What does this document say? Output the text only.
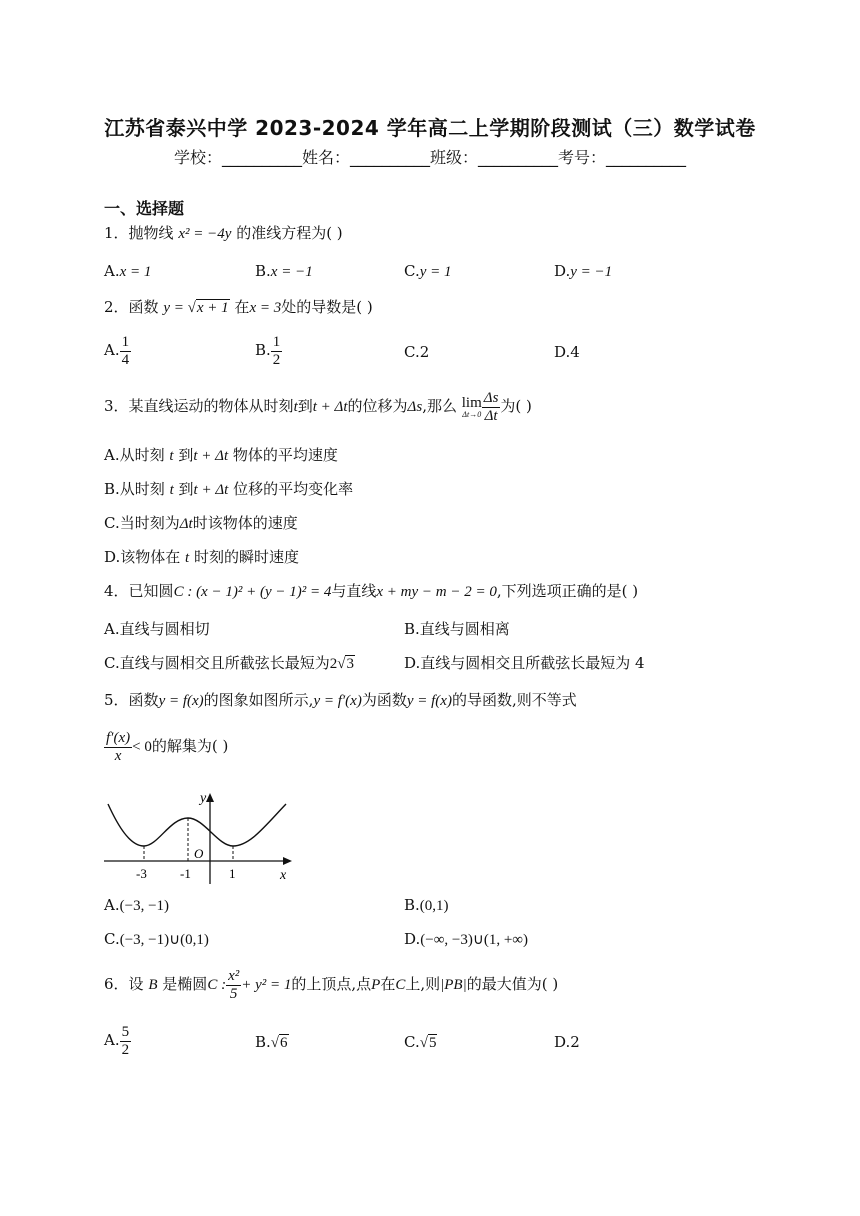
江苏省泰兴中学 2023-2024 学年高二上学期阶段测试（三）数学试卷
学校：__________姓名：__________班级：__________考号：__________
一、选择题
1．抛物线 x² = −4y 的准线方程为( )
A.x = 1	B.x = −1	C.y = 1	D.y = −1
2．函数 y = √x + 1 在x = 3处的导数是( )
A. $\frac{1}{4}$	B. $\frac{1}{2}$	C.2	D.4
3．某直线运动的物体从时刻t到t + Δt的位移为Δs,那么 lim
$\Delta t\to 0 \frac{\Delta s}{\Delta t}$ 为( )
A.从时刻 t 到t + Δt 物体的平均速度
B.从时刻 t 到t + Δt 位移的平均变化率
C.当时刻为Δt时该物体的速度
D.该物体在 t 时刻的瞬时速度
4．已知圆C : (x − 1)² + (y − 1)² = 4与直线x + my − m − 2 = 0,下列选项正确的是( )
A.直线与圆相切	B.直线与圆相离
C.直线与圆相交且所截弦长最短为2√3	D.直线与圆相交且所截弦长最短为 4
5．函数y = f(x)的图象如图所示,y = f′(x)为函数y = f(x)的导函数,则不等式
$\frac{f'(x)}{x} < 0$的解集为( )
y
x
O
-3	-1	1
A.(−3, −1)	B.(0,1)
C.(−3, −1)∪(0,1)	D.(−∞, −3)∪(1, +∞)
6．设 B 是椭圆C : $\frac{\text{x²}}{5} + y^2 = 1$的上顶点,点P在C上,则|PB|的最大值为( )
A. $\frac{5}{2}$	B.√6	C.√5	D.2
